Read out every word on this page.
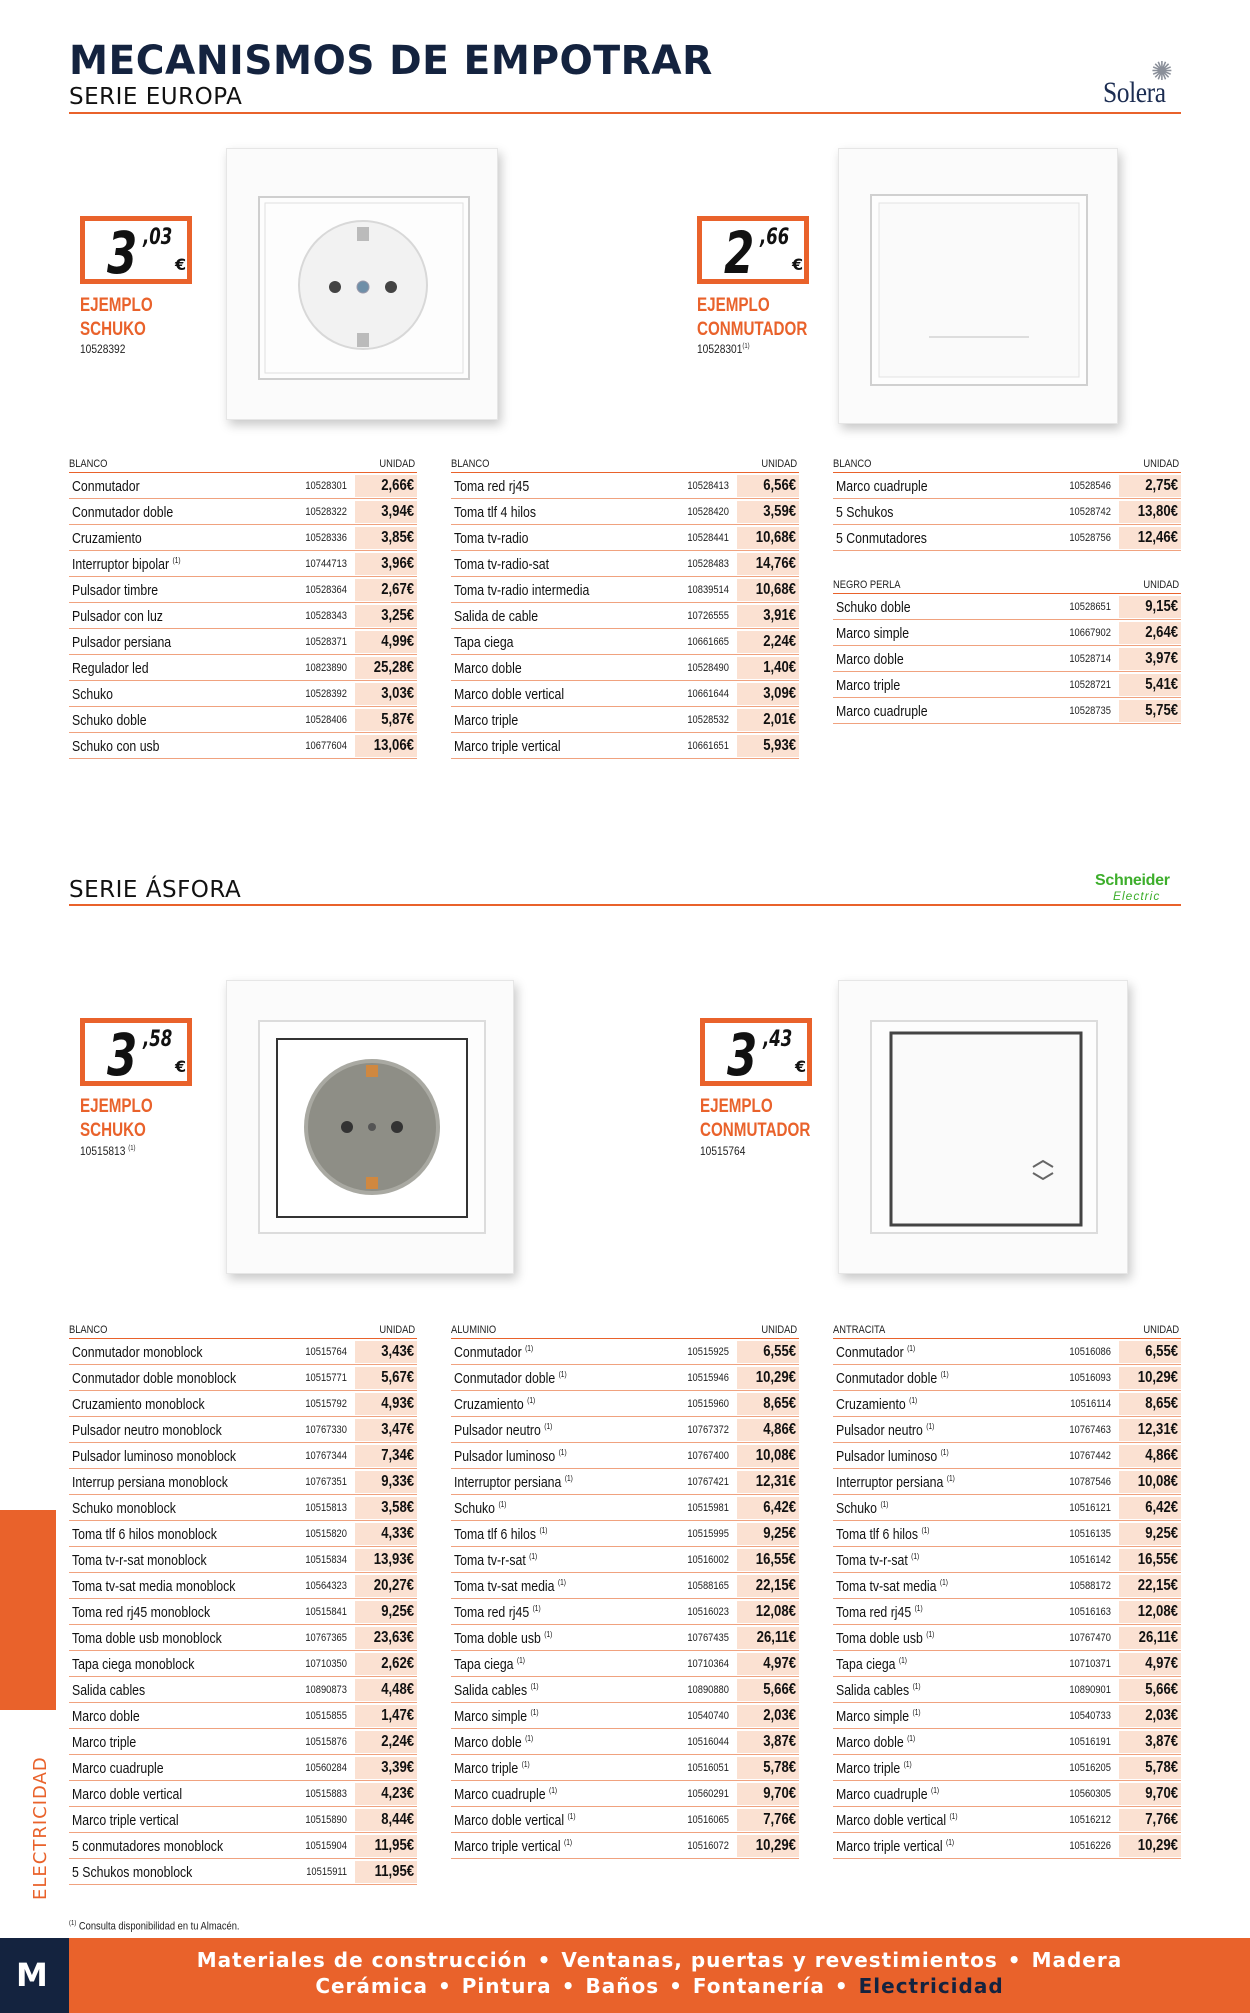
MECANISMOS DE EMPOTRAR
SERIE EUROPA
✺
Solera
3 ,03
€
EJEMPLO
SCHUKO
10528392
2 ,66
€
EJEMPLO
CONMUTADOR
10528301$^{(1)}$
BLANCO	UNIDAD
Conmutador	10528301	2,66€
Conmutador doble	10528322	3,94€
Cruzamiento	10528336	3,85€
Interruptor bipolar $^{(1)}$	10744713	3,96€
Pulsador timbre	10528364	2,67€
Pulsador con luz	10528343	3,25€
Pulsador persiana	10528371	4,99€
Regulador led	10823890	25,28€
Schuko	10528392	3,03€
Schuko doble	10528406	5,87€
Schuko con usb	10677604	13,06€
BLANCO	UNIDAD
Toma red rj45	10528413	6,56€
Toma tlf 4 hilos	10528420	3,59€
Toma tv-radio	10528441	10,68€
Toma tv-radio-sat	10528483	14,76€
Toma tv-radio intermedia	10839514	10,68€
Salida de cable	10726555	3,91€
Tapa ciega	10661665	2,24€
Marco doble	10528490	1,40€
Marco doble vertical	10661644	3,09€
Marco triple	10528532	2,01€
Marco triple vertical	10661651	5,93€
BLANCO	UNIDAD
Marco cuadruple	10528546	2,75€
5 Schukos	10528742	13,80€
5 Conmutadores	10528756	12,46€
NEGRO PERLA	UNIDAD
Schuko doble	10528651	9,15€
Marco simple	10667902	2,64€
Marco doble	10528714	3,97€
Marco triple	10528721	5,41€
Marco cuadruple	10528735	5,75€
SERIE ÁSFORA	Schneider
Electric
3 ,58
€
EJEMPLO
SCHUKO
10515813 $^{(1)}$
3 ,43
€
EJEMPLO
CONMUTADOR
10515764
BLANCO	UNIDAD
Conmutador monoblock	10515764	3,43€
Conmutador doble monoblock	10515771	5,67€
Cruzamiento monoblock	10515792	4,93€
Pulsador neutro monoblock	10767330	3,47€
Pulsador luminoso monoblock	10767344	7,34€
Interrup persiana monoblock	10767351	9,33€
Schuko monoblock	10515813	3,58€
Toma tlf 6 hilos monoblock	10515820	4,33€
Toma tv-r-sat monoblock	10515834	13,93€
Toma tv-sat media monoblock	10564323	20,27€
Toma red rj45 monoblock	10515841	9,25€
Toma doble usb monoblock	10767365	23,63€
Tapa ciega monoblock	10710350	2,62€
Salida cables	10890873	4,48€
Marco doble	10515855	1,47€
Marco triple	10515876	2,24€
Marco cuadruple	10560284	3,39€
Marco doble vertical	10515883	4,23€
Marco triple vertical	10515890	8,44€
5 conmutadores monoblock	10515904	11,95€
5 Schukos monoblock	10515911	11,95€
ALUMINIO	UNIDAD
Conmutador $^{(1)}$	10515925	6,55€
Conmutador doble $^{(1)}$	10515946	10,29€
Cruzamiento $^{(1)}$	10515960	8,65€
Pulsador neutro $^{(1)}$	10767372	4,86€
Pulsador luminoso $^{(1)}$	10767400	10,08€
Interruptor persiana $^{(1)}$	10767421	12,31€
Schuko $^{(1)}$	10515981	6,42€
Toma tlf 6 hilos $^{(1)}$	10515995	9,25€
Toma tv-r-sat $^{(1)}$	10516002	16,55€
Toma tv-sat media $^{(1)}$	10588165	22,15€
Toma red rj45 $^{(1)}$	10516023	12,08€
Toma doble usb $^{(1)}$	10767435	26,11€
Tapa ciega $^{(1)}$	10710364	4,97€
Salida cables $^{(1)}$	10890880	5,66€
Marco simple $^{(1)}$	10540740	2,03€
Marco doble $^{(1)}$	10516044	3,87€
Marco triple $^{(1)}$	10516051	5,78€
Marco cuadruple $^{(1)}$	10560291	9,70€
Marco doble vertical $^{(1)}$	10516065	7,76€
Marco triple vertical $^{(1)}$	10516072	10,29€
ANTRACITA	UNIDAD
Conmutador $^{(1)}$	10516086	6,55€
Conmutador doble $^{(1)}$	10516093	10,29€
Cruzamiento $^{(1)}$	10516114	8,65€
Pulsador neutro $^{(1)}$	10767463	12,31€
Pulsador luminoso $^{(1)}$	10767442	4,86€
Interruptor persiana $^{(1)}$	10787546	10,08€
Schuko $^{(1)}$	10516121	6,42€
Toma tlf 6 hilos $^{(1)}$	10516135	9,25€
Toma tv-r-sat $^{(1)}$	10516142	16,55€
Toma tv-sat media $^{(1)}$	10588172	22,15€
Toma red rj45 $^{(1)}$	10516163	12,08€
Toma doble usb $^{(1)}$	10767470	26,11€
Tapa ciega $^{(1)}$	10710371	4,97€
Salida cables $^{(1)}$	10890901	5,66€
Marco simple $^{(1)}$	10540733	2,03€
Marco doble $^{(1)}$	10516191	3,87€
Marco triple $^{(1)}$	10516205	5,78€
Marco cuadruple $^{(1)}$	10560305	9,70€
Marco doble vertical $^{(1)}$	10516212	7,76€
Marco triple vertical $^{(1)}$	10516226	10,29€
ELECTRICIDAD
$^{(1)}$ Consulta disponibilidad en tu Almacén.
M	Materiales de construcción • Ventanas, puertas y revestimientos • Madera
Cerámica • Pintura • Baños • Fontanería • Electricidad
